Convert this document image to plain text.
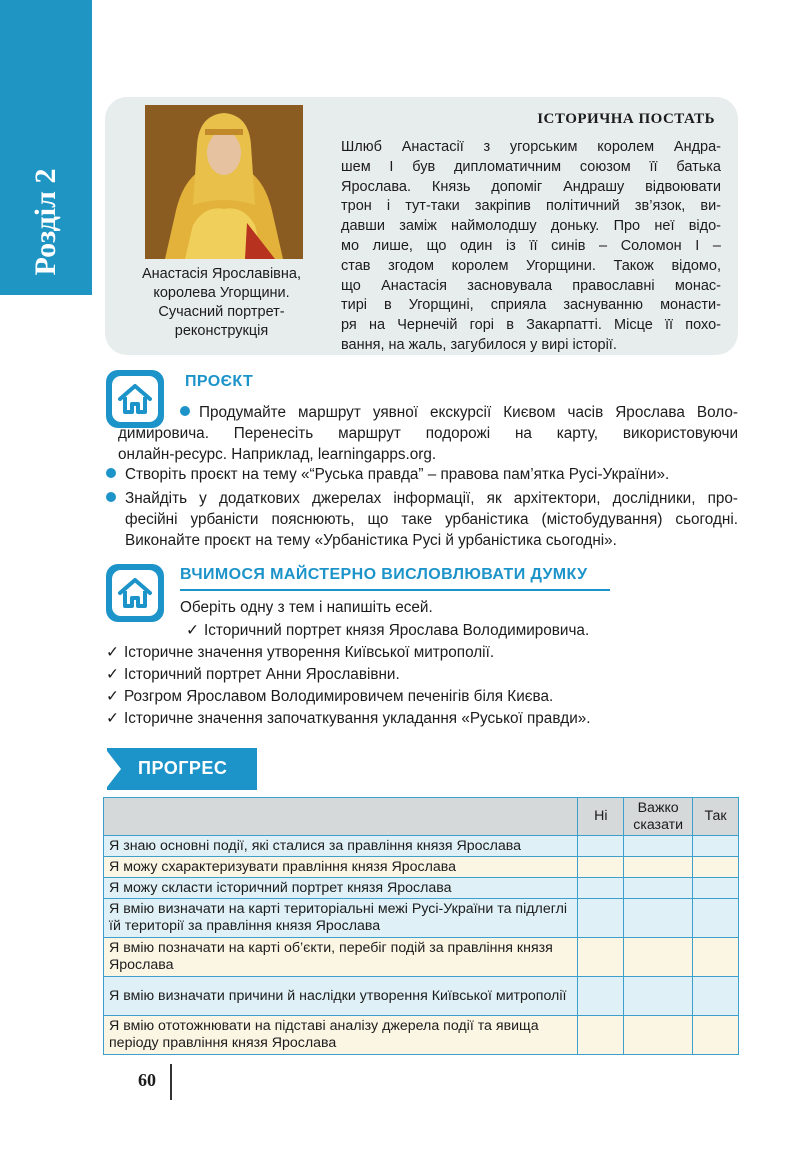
Розділ 2	Анастасія Ярославівна,
королева Угорщини.
Сучасний портрет-
реконструкція
ІСТОРИЧНА ПОСТАТЬ
Шлюб Анастасії з угорським королем Андра-
шем І був дипломатичним союзом її батька
Ярослава. Князь допоміг Андрашу відвоювати
трон і тут-таки закріпив політичний зв’язок, ви-
давши заміж наймолодшу доньку. Про неї відо-
мо лише, що один із її синів – Соломон І –
став згодом королем Угорщини. Також відомо,
що Анастасія засновувала православні монас-
тирі в Угорщині, сприяла заснуванню монасти-
ря на Чернечій горі в Закарпатті. Місце її похо-
вання, на жаль, загубилося у вирі історії.
ПРОЄКТ
Продумайте маршрут уявної екскурсії Києвом часів Ярослава Воло-
димировича. Перенесіть маршрут подорожі на карту, використовуючи
онлайн-ресурс. Наприклад, learningapps.org.
Створіть проєкт на тему «“Руська правда” – правова пам’ятка Русі-України».
Знайдіть у додаткових джерелах інформації, як архітектори, дослідники, про-
фесійні урбаністи пояснюють, що таке урбаністика (містобудування) сьогодні.
Виконайте проєкт на тему «Урбаністика Русі й урбаністика сьогодні».
ВЧИМОСЯ МАЙСТЕРНО ВИСЛОВЛЮВАТИ ДУМКУ
Оберіть одну з тем і напишіть есей.
✓ Історичний портрет князя Ярослава Володимировича.
✓ Історичне значення утворення Київської митрополії.
✓ Історичний портрет Анни Ярославівни.
✓ Розгром Ярославом Володимировичем печенігів біля Києва.
✓ Історичне значення започаткування укладання «Руської правди».
ПРОГРЕС
	Ні	Важко сказати	Так
Я знаю основні події, які сталися за правління князя Ярослава			
Я можу схарактеризувати правління князя Ярослава			
Я можу скласти історичний портрет князя Ярослава			
Я вмію визначати на карті територіальні межі Русі-України та підлеглі їй території за правління князя Ярослава			
Я вмію позначати на карті об’єкти, перебіг подій за правління князя Ярослава			
Я вмію визначати причини й наслідки утворення Київської митрополії			
Я вмію ототожнювати на підставі аналізу джерела події та явища періоду правління князя Ярослава			
60
